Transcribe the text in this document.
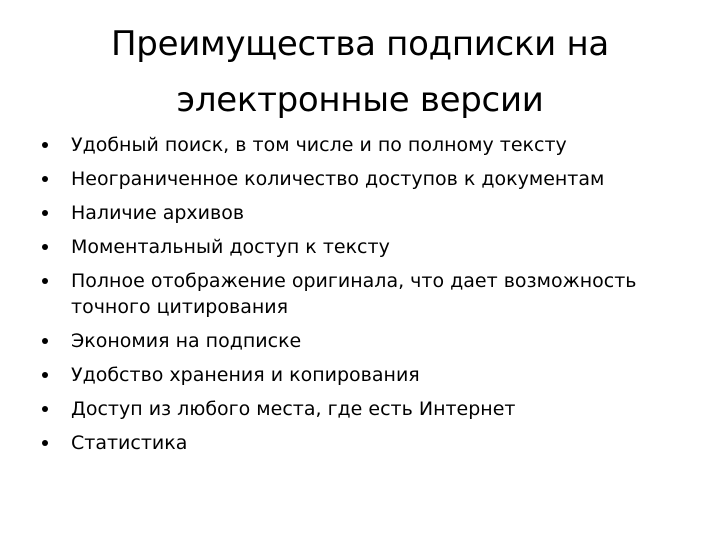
Преимущества подписки на электронные версии
Удобный поиск, в том числе и по полному тексту
Неограниченное количество доступов к документам
Наличие архивов
Моментальный доступ к тексту
Полное отображение оригинала, что дает возможность точного цитирования
Экономия на подписке
Удобство хранения и копирования
Доступ из любого места, где есть Интернет
Статистика
